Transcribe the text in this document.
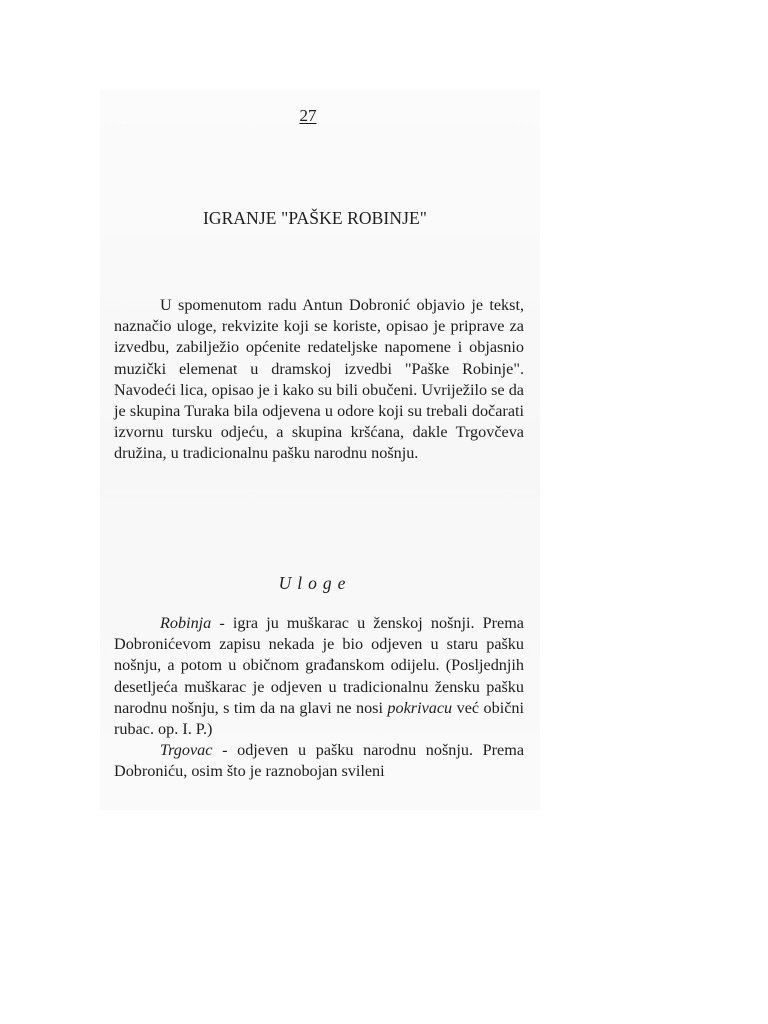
27
IGRANJE "PAŠKE ROBINJE"

U spomenutom radu Antun Dobronić objavio je tekst, naznačio uloge, rekvizite koji se koriste, opisao je priprave za izvedbu, zabilježio općenite redateljske napomene i objasnio muzički elemenat u dramskoj izvedbi "Paške Robinje". Navodeći lica, opisao je i kako su bili obučeni. Uvriježilo se da je skupina Turaka bila odjevena u odore koji su trebali dočarati izvornu tursku odjeću, a skupina kršćana, dakle Trgovčeva družina, u tradicionalnu pašku narodnu nošnju.

Uloge

Robinja - igra ju muškarac u ženskoj nošnji. Prema Dobronićevom zapisu nekada je bio odjeven u staru pašku nošnju, a potom u običnom građanskom odijelu. (Posljednjih desetljeća muškarac je odjeven u tradicionalnu žensku pašku narodnu nošnju, s tim da na glavi ne nosi pokrivacu već obični rubac. op. I. P.)

Trgovac - odjeven u pašku narodnu nošnju. Prema Dobroniću, osim što je raznobojan svileni
